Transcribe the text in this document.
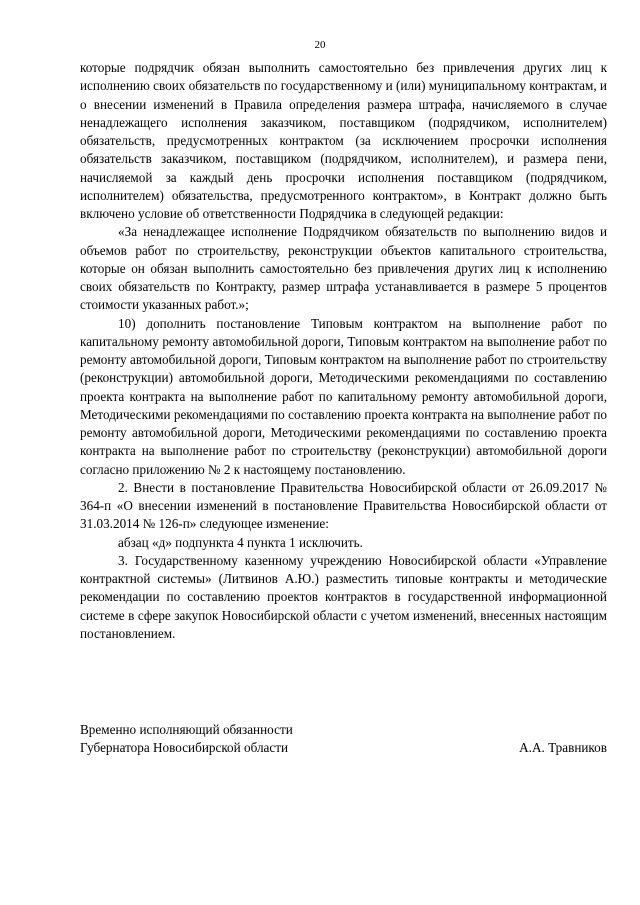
20

которые подрядчик обязан выполнить самостоятельно без привлечения других лиц к исполнению своих обязательств по государственному и (или) муниципальному контрактам, и о внесении изменений в Правила определения размера штрафа, начисляемого в случае ненадлежащего исполнения заказчиком, поставщиком (подрядчиком, исполнителем) обязательств, предусмотренных контрактом (за исключением просрочки исполнения обязательств заказчиком, поставщиком (подрядчиком, исполнителем), и размера пени, начисляемой за каждый день просрочки исполнения поставщиком (подрядчиком, исполнителем) обязательства, предусмотренного контрактом», в Контракт должно быть включено условие об ответственности Подрядчика в следующей редакции:

«За ненадлежащее исполнение Подрядчиком обязательств по выполнению видов и объемов работ по строительству, реконструкции объектов капитального строительства, которые он обязан выполнить самостоятельно без привлечения других лиц к исполнению своих обязательств по Контракту, размер штрафа устанавливается в размере 5 процентов стоимости указанных работ.»;

10) дополнить постановление Типовым контрактом на выполнение работ по капитальному ремонту автомобильной дороги, Типовым контрактом на выполнение работ по ремонту автомобильной дороги, Типовым контрактом на выполнение работ по строительству (реконструкции) автомобильной дороги, Методическими рекомендациями по составлению проекта контракта на выполнение работ по капитальному ремонту автомобильной дороги, Методическими рекомендациями по составлению проекта контракта на выполнение работ по ремонту автомобильной дороги, Методическими рекомендациями по составлению проекта контракта на выполнение работ по строительству (реконструкции) автомобильной дороги согласно приложению № 2 к настоящему постановлению.

2. Внести в постановление Правительства Новосибирской области от 26.09.2017 № 364-п «О внесении изменений в постановление Правительства Новосибирской области от 31.03.2014 № 126-п» следующее изменение:

абзац «д» подпункта 4 пункта 1 исключить.

3. Государственному казенному учреждению Новосибирской области «Управление контрактной системы» (Литвинов А.Ю.) разместить типовые контракты и методические рекомендации по составлению проектов контрактов в государственной информационной системе в сфере закупок Новосибирской области с учетом изменений, внесенных настоящим постановлением.

Временно исполняющий обязанности
Губернатора Новосибирской области	А.А. Травников
